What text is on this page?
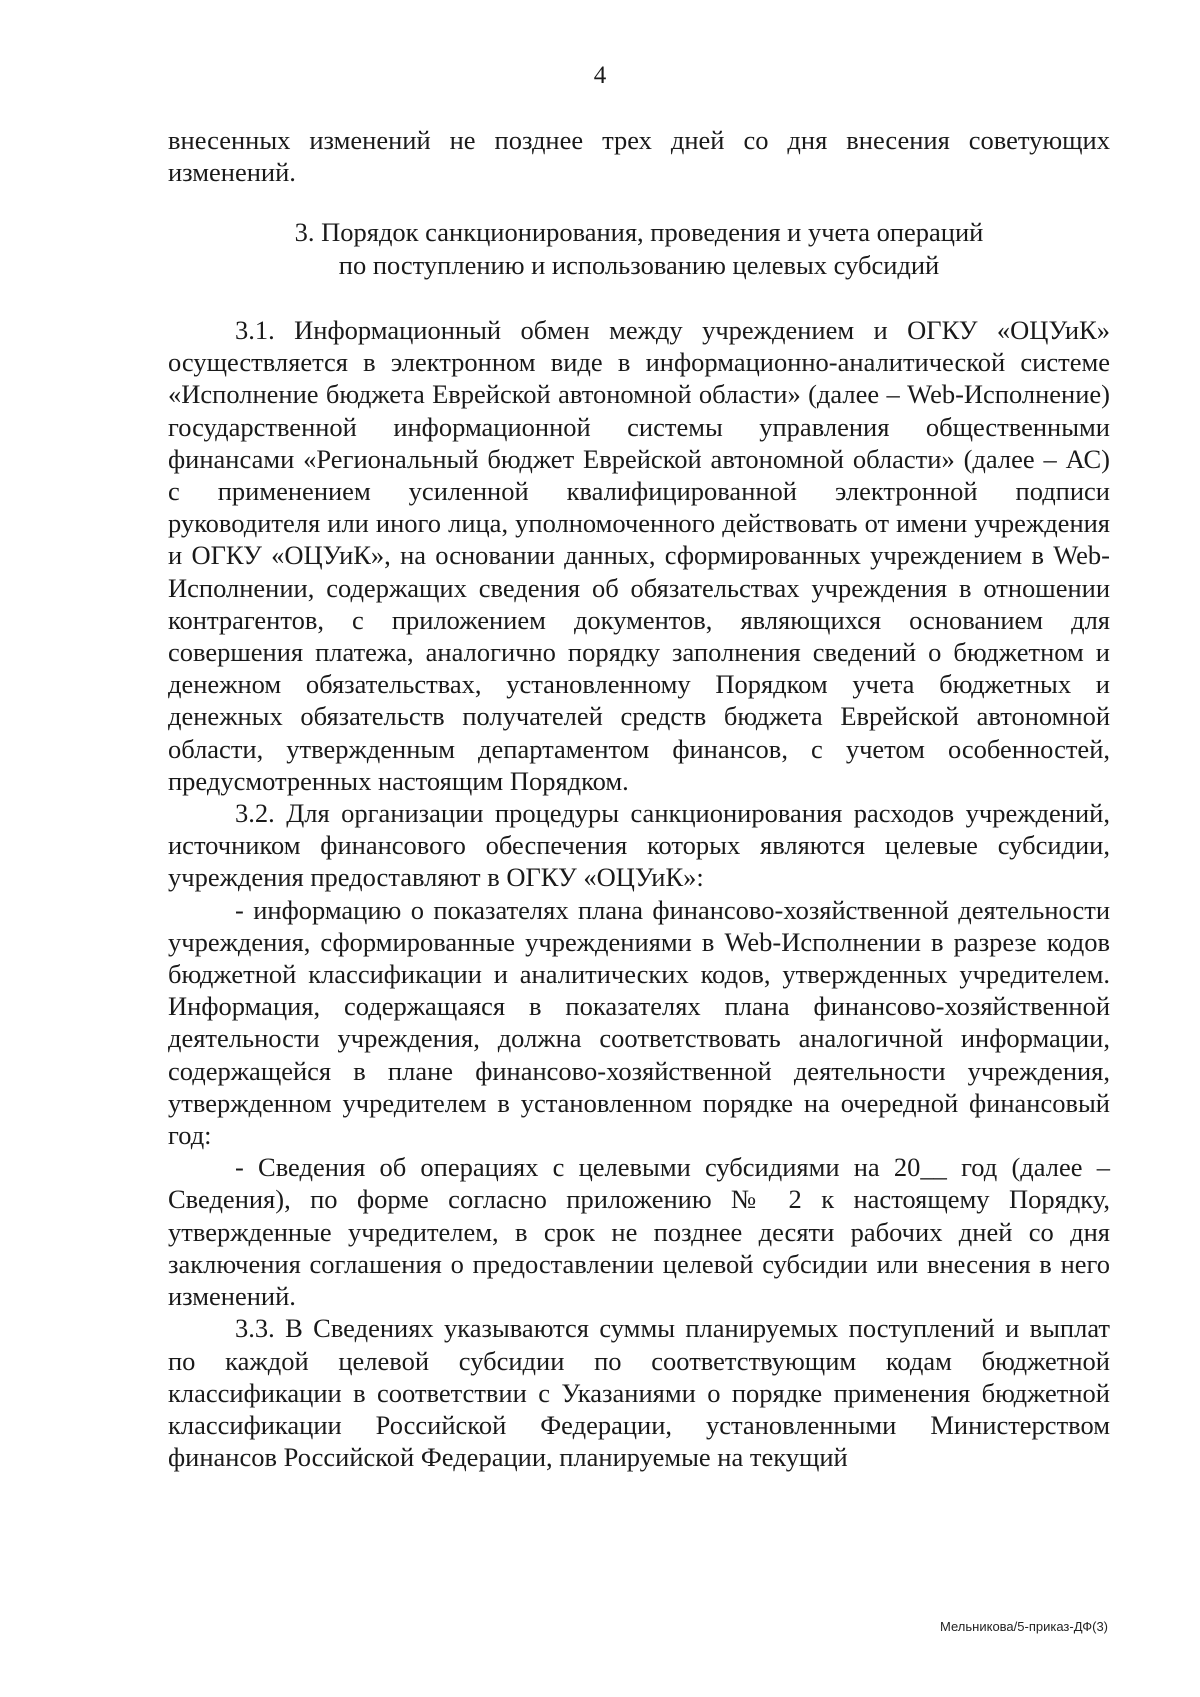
4

внесенных изменений не позднее трех дней со дня внесения советующих изменений.

3. Порядок санкционирования, проведения и учета операций
по поступлению и использованию целевых субсидий

3.1. Информационный обмен между учреждением и ОГКУ «ОЦУиК» осуществляется в электронном виде в информационно-аналитической системе «Исполнение бюджета Еврейской автономной области» (далее – Web-Исполнение) государственной информационной системы управления общественными финансами «Региональный бюджет Еврейской автономной области» (далее – АС) с применением усиленной квалифицированной электронной подписи руководителя или иного лица, уполномоченного действовать от имени учреждения и ОГКУ «ОЦУиК», на основании данных, сформированных учреждением в Web-Исполнении, содержащих сведения об обязательствах учреждения в отношении контрагентов, с приложением документов, являющихся основанием для совершения платежа, аналогично порядку заполнения сведений о бюджетном и денежном обязательствах, установленному Порядком учета бюджетных и денежных обязательств получателей средств бюджета Еврейской автономной области, утвержденным департаментом финансов, с учетом особенностей, предусмотренных настоящим Порядком.

3.2. Для организации процедуры санкционирования расходов учреждений, источником финансового обеспечения которых являются целевые субсидии, учреждения предоставляют в ОГКУ «ОЦУиК»:

- информацию о показателях плана финансово-хозяйственной деятельности учреждения, сформированные учреждениями в Web-Исполнении в разрезе кодов бюджетной классификации и аналитических кодов, утвержденных учредителем. Информация, содержащаяся в показателях плана финансово-хозяйственной деятельности учреждения, должна соответствовать аналогичной информации, содержащейся в плане финансово-хозяйственной деятельности учреждения, утвержденном учредителем в установленном порядке на очередной финансовый год:

- Сведения об операциях с целевыми субсидиями на 20__ год (далее – Сведения), по форме согласно приложению № 2 к настоящему Порядку, утвержденные учредителем, в срок не позднее десяти рабочих дней со дня заключения соглашения о предоставлении целевой субсидии или внесения в него изменений.

3.3. В Сведениях указываются суммы планируемых поступлений и выплат по каждой целевой субсидии по соответствующим кодам бюджетной классификации в соответствии с Указаниями о порядке применения бюджетной классификации Российской Федерации, установленными Министерством финансов Российской Федерации, планируемые на текущий

Мельникова/5-приказ-ДФ(3)
